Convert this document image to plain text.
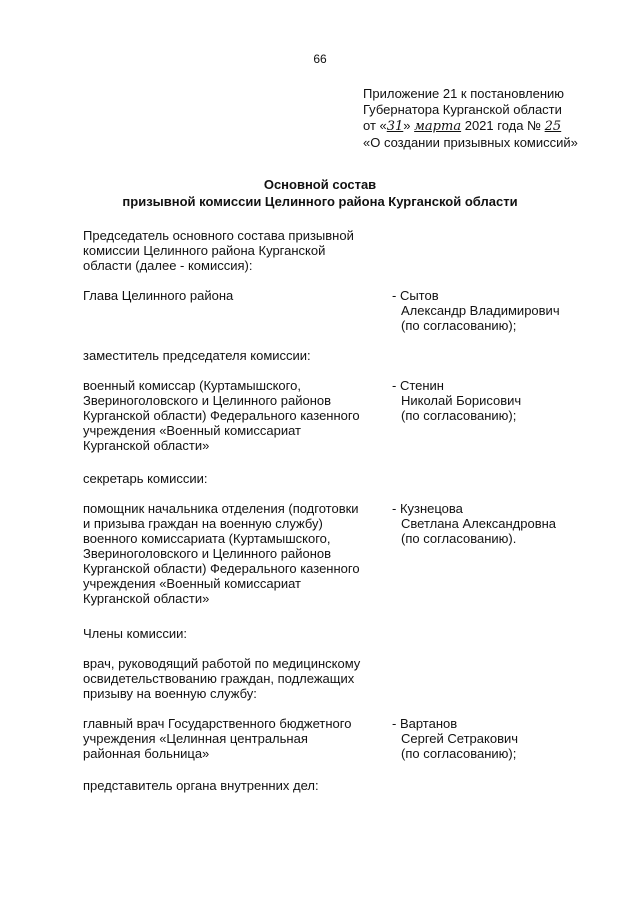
66
Приложение 21 к постановлению
Губернатора Курганской области
от «31» марта 2021 года № 25
«О создании призывных комиссий»
Основной состав
призывной комиссии Целинного района Курганской области
Председатель основного состава призывной
комиссии Целинного района Курганской
области (далее - комиссия):
Глава Целинного района	- Сытов
Александр Владимирович
(по согласованию);
заместитель председателя комиссии:
военный комиссар (Куртамышского,
Звериноголовского и Целинного районов
Курганской области) Федерального казенного
учреждения «Военный комиссариат
Курганской области»
- Стенин
Николай Борисович
(по согласованию);
секретарь комиссии:
помощник начальника отделения (подготовки
и призыва граждан на военную службу)
военного комиссариата (Куртамышского,
Звериноголовского и Целинного районов
Курганской области) Федерального казенного
учреждения «Военный комиссариат
Курганской области»
- Кузнецова
Светлана Александровна
(по согласованию).
Члены комиссии:
врач, руководящий работой по медицинскому
освидетельствованию граждан, подлежащих
призыву на военную службу:
главный врач Государственного бюджетного
учреждения «Целинная центральная
районная больница»
- Вартанов
Сергей Сетракович
(по согласованию);
представитель органа внутренних дел:
